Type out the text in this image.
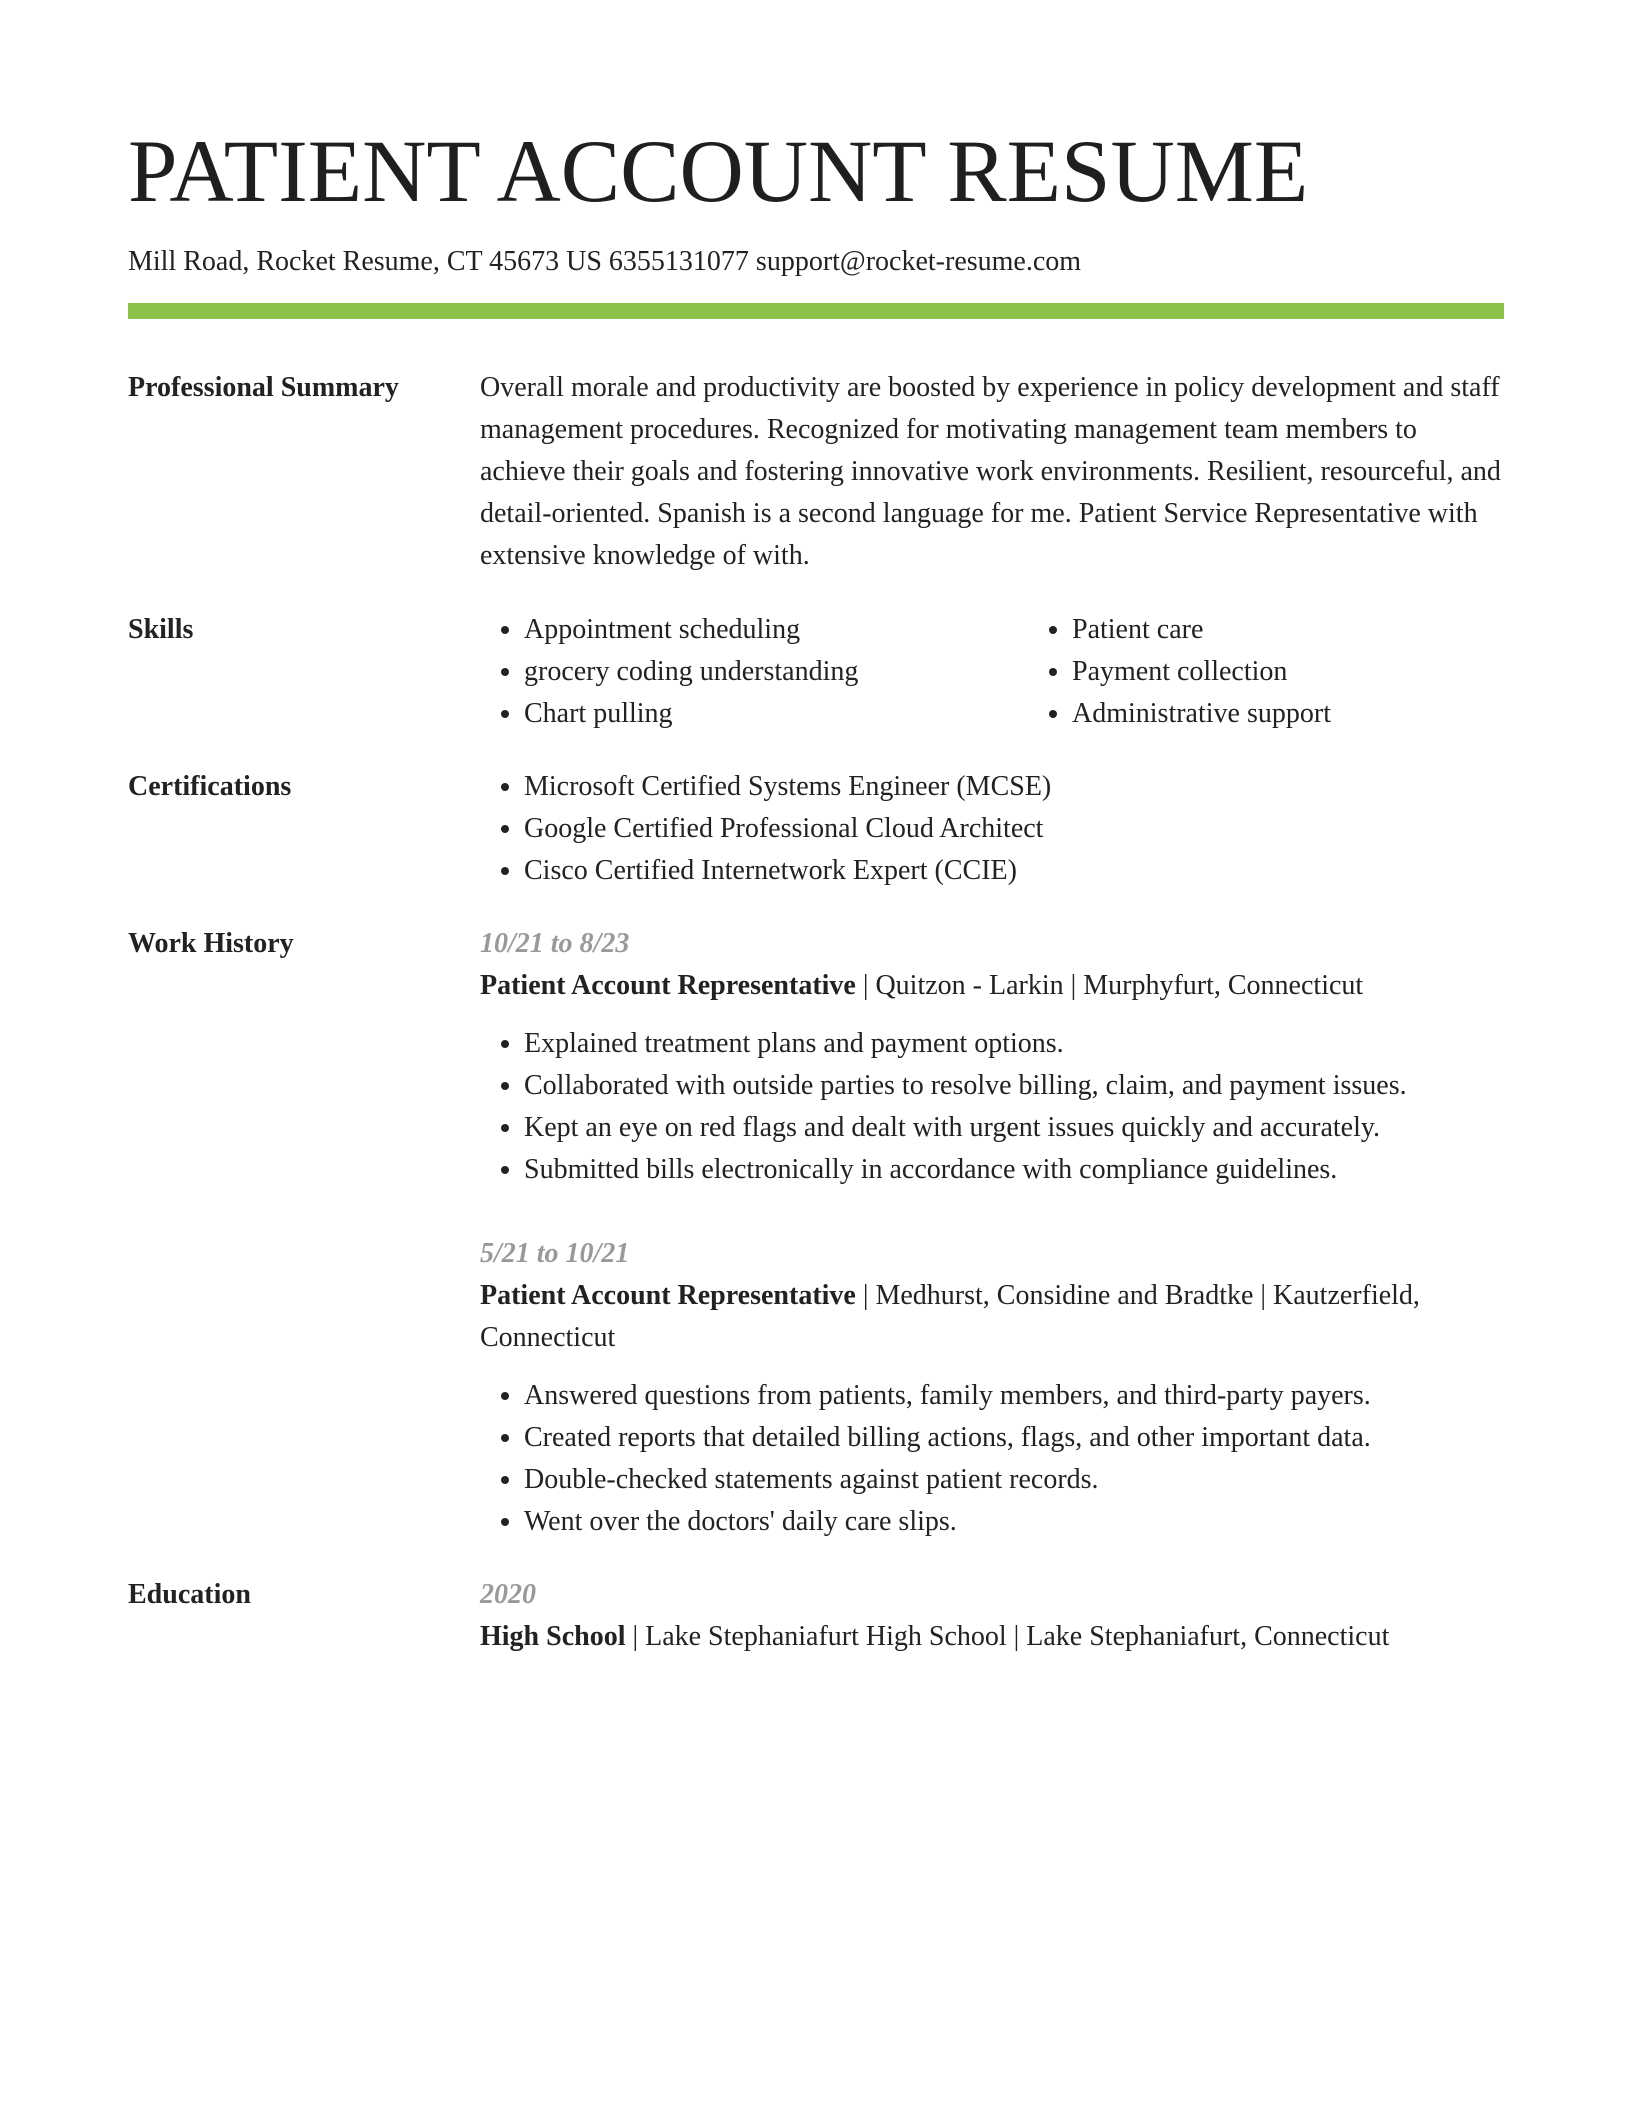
PATIENT ACCOUNT RESUME
Mill Road, Rocket Resume, CT 45673 US 6355131077 support@rocket-resume.com
Professional Summary	Overall morale and productivity are boosted by experience in policy development and staff management procedures. Recognized for motivating management team members to achieve their goals and fostering innovative work environments. Resilient, resourceful, and detail-oriented. Spanish is a second language for me. Patient Service Representative with extensive knowledge of with.

Skills	• Appointment scheduling
• grocery coding understanding
• Chart pulling
• Patient care
• Payment collection
• Administrative support
Certifications	• Microsoft Certified Systems Engineer (MCSE)
• Google Certified Professional Cloud Architect
• Cisco Certified Internetwork Expert (CCIE)
Work History	10/21 to 8/23
Patient Account Representative | Quitzon - Larkin | Murphyfurt, Connecticut
• Explained treatment plans and payment options.
• Collaborated with outside parties to resolve billing, claim, and payment issues.
• Kept an eye on red flags and dealt with urgent issues quickly and accurately.
• Submitted bills electronically in accordance with compliance guidelines.
5/21 to 10/21
Patient Account Representative | Medhurst, Considine and Bradtke | Kautzerfield, Connecticut
• Answered questions from patients, family members, and third-party payers.
• Created reports that detailed billing actions, flags, and other important data.
• Double-checked statements against patient records.
• Went over the doctors' daily care slips.
Education	2020
High School | Lake Stephaniafurt High School | Lake Stephaniafurt, Connecticut
